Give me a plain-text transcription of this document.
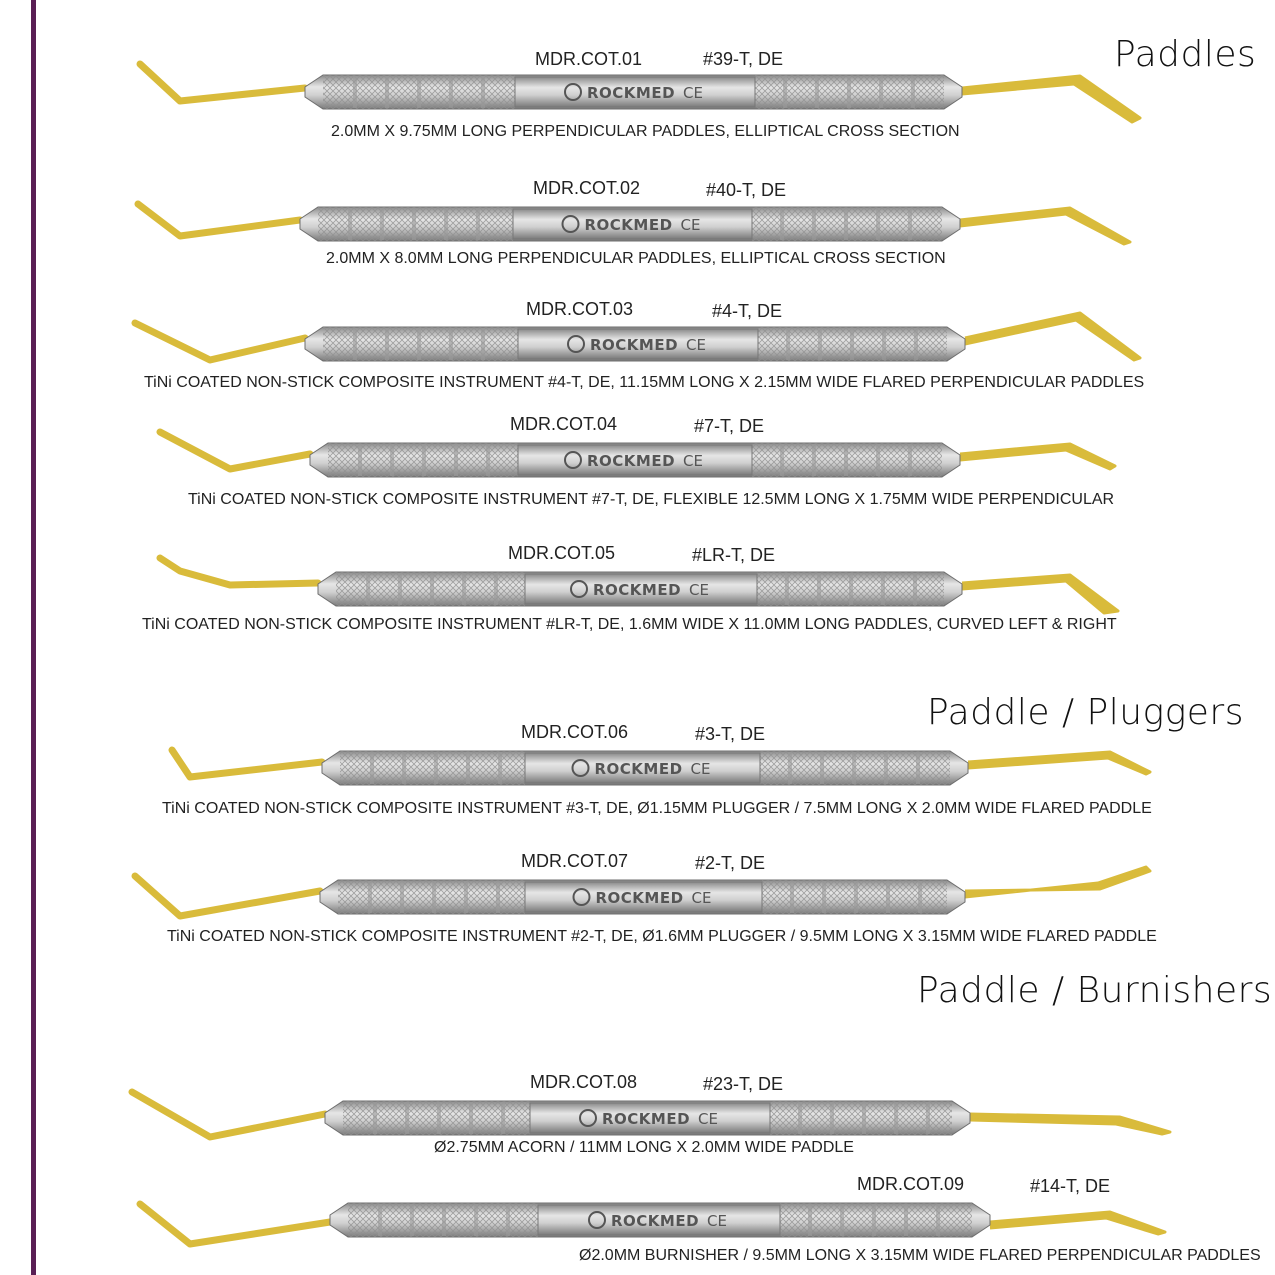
Paddles
Paddle / Pluggers
Paddle / Burnishers
ROCKMED CE
MDR.COT.01	#39-T, DE
2.0MM X 9.75MM LONG PERPENDICULAR PADDLES, ELLIPTICAL CROSS SECTION
ROCKMED CE
MDR.COT.02	#40-T, DE
2.0MM X 8.0MM LONG PERPENDICULAR PADDLES, ELLIPTICAL CROSS SECTION
ROCKMED CE
MDR.COT.03	#4-T, DE
TiNi COATED NON-STICK COMPOSITE INSTRUMENT #4-T, DE, 11.15MM LONG X 2.15MM WIDE FLARED PERPENDICULAR PADDLES
ROCKMED CE
MDR.COT.04	#7-T, DE
TiNi COATED NON-STICK COMPOSITE INSTRUMENT #7-T, DE, FLEXIBLE 12.5MM LONG X 1.75MM WIDE PERPENDICULAR
ROCKMED CE
MDR.COT.05	#LR-T, DE
TiNi COATED NON-STICK COMPOSITE INSTRUMENT #LR-T, DE, 1.6MM WIDE X 11.0MM LONG PADDLES, CURVED LEFT & RIGHT
ROCKMED CE
MDR.COT.06	#3-T, DE
TiNi COATED NON-STICK COMPOSITE INSTRUMENT #3-T, DE, Ø1.15MM PLUGGER / 7.5MM LONG X 2.0MM WIDE FLARED PADDLE
ROCKMED CE
MDR.COT.07	#2-T, DE
TiNi COATED NON-STICK COMPOSITE INSTRUMENT #2-T, DE, Ø1.6MM PLUGGER / 9.5MM LONG X 3.15MM WIDE FLARED PADDLE
ROCKMED CE
MDR.COT.08	#23-T, DE
Ø2.75MM ACORN / 11MM LONG X 2.0MM WIDE PADDLE
ROCKMED CE
MDR.COT.09	#14-T, DE
Ø2.0MM BURNISHER / 9.5MM LONG X 3.15MM WIDE FLARED PERPENDICULAR PADDLES
